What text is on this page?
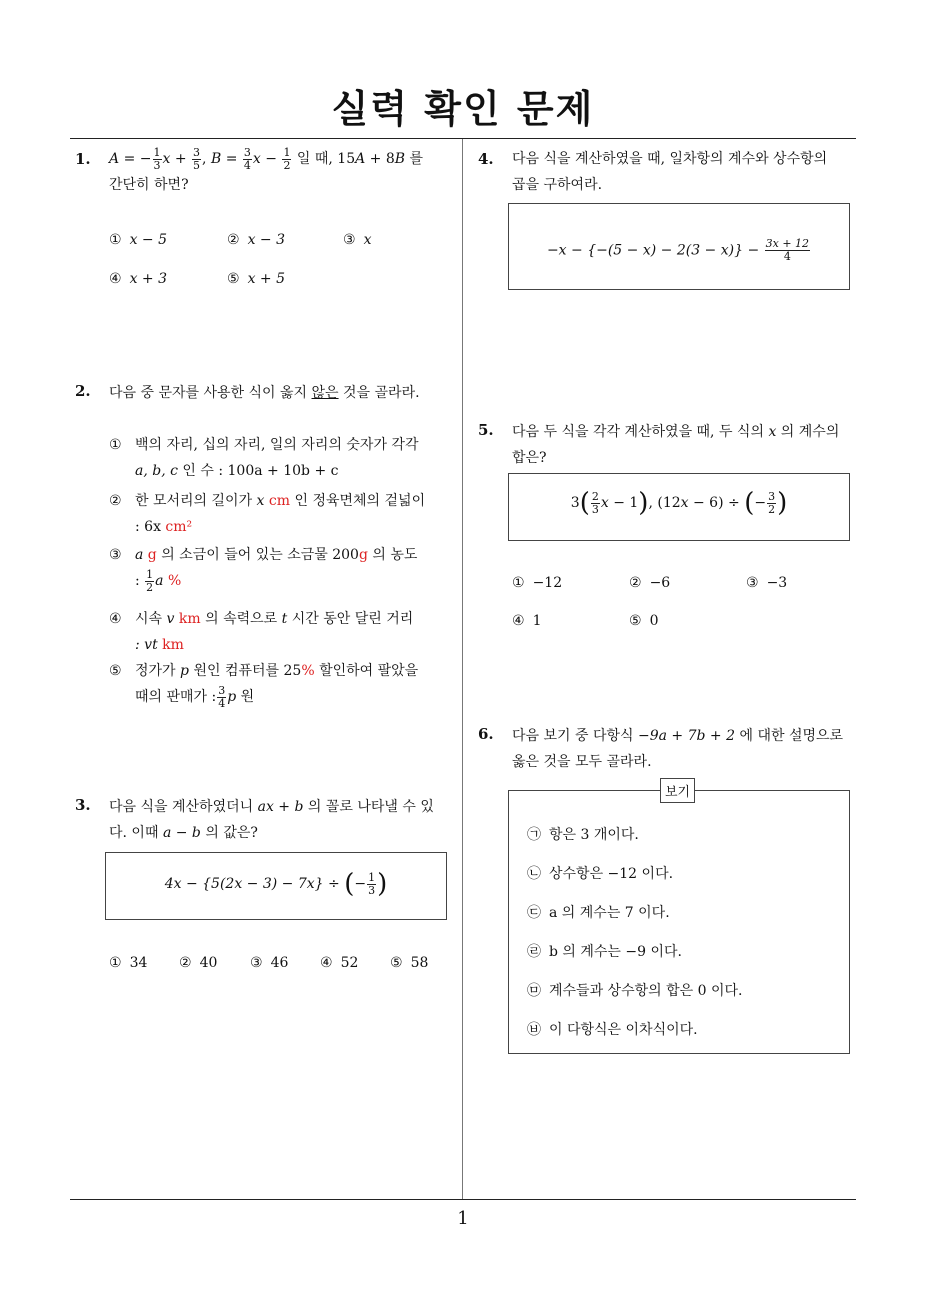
실력 확인 문제
1
1. A = − $\frac{1}{3}$ $x + \frac{3}{5}$ , $B = \frac{3}{4}$ $x - \frac{1}{2}$ 일 때, 15A + 8B 를
간단히 하면?
① x − 5	② x − 3	③ x
④ x + 3	⑤ x + 5
2. 다음 중 문자를 사용한 식이 옳지 않은 것을 골라라.
① 백의 자리, 십의 자리, 일의 자리의 숫자가 각각
a, b, c 인 수 : 100a + 10b + c
② 한 모서리의 길이가 x cm 인 정육면체의 겉넓이
: 6x cm²
③ a g 의 소금이 들어 있는 소금물 200g 의 농도
: $\frac{1}{2}$ a %
④ 시속 v km 의 속력으로 t 시간 동안 달린 거리
: vt km
⑤ 정가가 p 원인 컴퓨터를 25% 할인하여 팔았을
때의 판매가 : $\frac{3}{4}$ p 원
3. 다음 식을 계산하였더니 ax + b 의 꼴로 나타낼 수 있
다. 이때 a − b 의 값은?
4x − {5(2x − 3) − 7x} ÷ (− $\frac{1}{3}$ )
① 34 ② 40 ③ 46 ④ 52 ⑤ 58
4. 다음 식을 계산하였을 때, 일차항의 계수와 상수항의
곱을 구하여라.
$-x - \{-(5 - x) - 2(3 - x)\} - \frac{3x + 12}{4}$
5. 다음 두 식을 각각 계산하였을 때, 두 식의 x 의 계수의
합은?
$3( \frac{2}{3}$ x − 1), (12x − 6) ÷ (− $\frac{3}{2}$ )
① −12	② −6	③ −3
④ 1	⑤ 0
6. 다음 보기 중 다항식 −9a + 7b + 2 에 대한 설명으로
옳은 것을 모두 골라라.
㉠ 항은 3 개이다.
㉡ 상수항은 −12 이다.
㉢ a 의 계수는 7 이다.
㉣ b 의 계수는 −9 이다.
㉤ 계수들과 상수항의 합은 0 이다.
㉥ 이 다항식은 이차식이다.
보기
